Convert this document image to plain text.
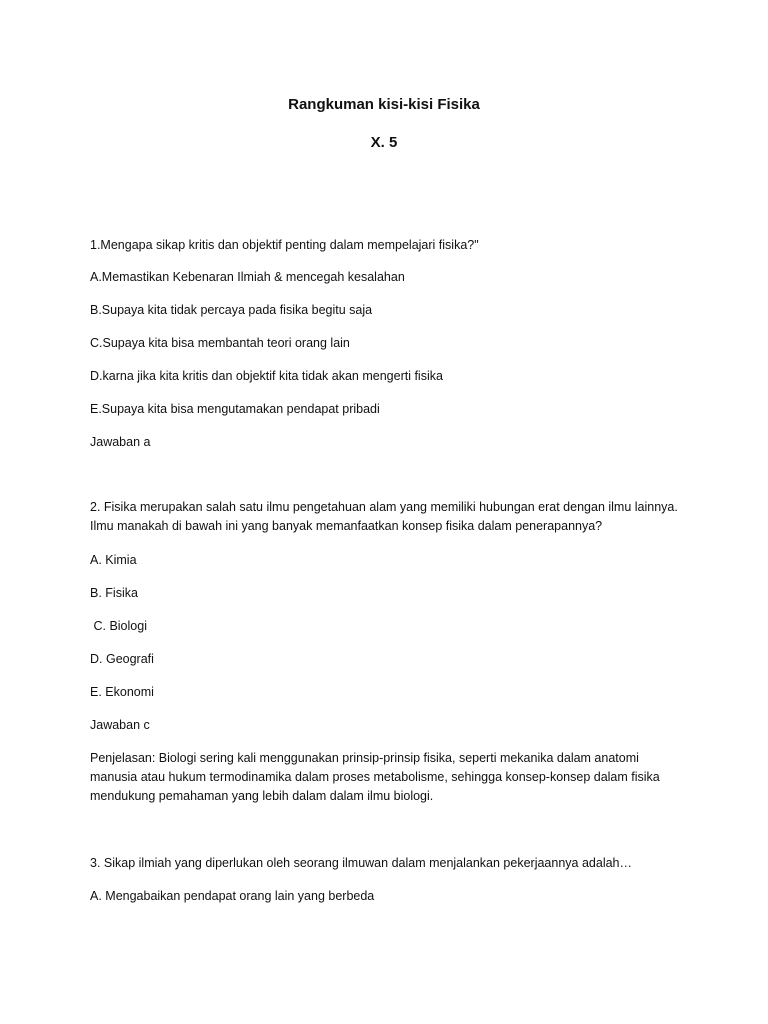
Rangkuman kisi-kisi Fisika
X. 5
1.Mengapa sikap kritis dan objektif penting dalam mempelajari fisika?"
A.Memastikan Kebenaran Ilmiah & mencegah kesalahan
B.Supaya kita tidak percaya pada fisika begitu saja
C.Supaya kita bisa membantah teori orang lain
D.karna jika kita kritis dan objektif kita tidak akan mengerti fisika
E.Supaya kita bisa mengutamakan pendapat pribadi
Jawaban a
2. Fisika merupakan salah satu ilmu pengetahuan alam yang memiliki hubungan erat dengan ilmu lainnya. Ilmu manakah di bawah ini yang banyak memanfaatkan konsep fisika dalam penerapannya?
A. Kimia
B. Fisika
C. Biologi
D. Geografi
E. Ekonomi
Jawaban c
Penjelasan: Biologi sering kali menggunakan prinsip-prinsip fisika, seperti mekanika dalam anatomi manusia atau hukum termodinamika dalam proses metabolisme, sehingga konsep-konsep dalam fisika mendukung pemahaman yang lebih dalam dalam ilmu biologi.
3. Sikap ilmiah yang diperlukan oleh seorang ilmuwan dalam menjalankan pekerjaannya adalah…
A. Mengabaikan pendapat orang lain yang berbeda
